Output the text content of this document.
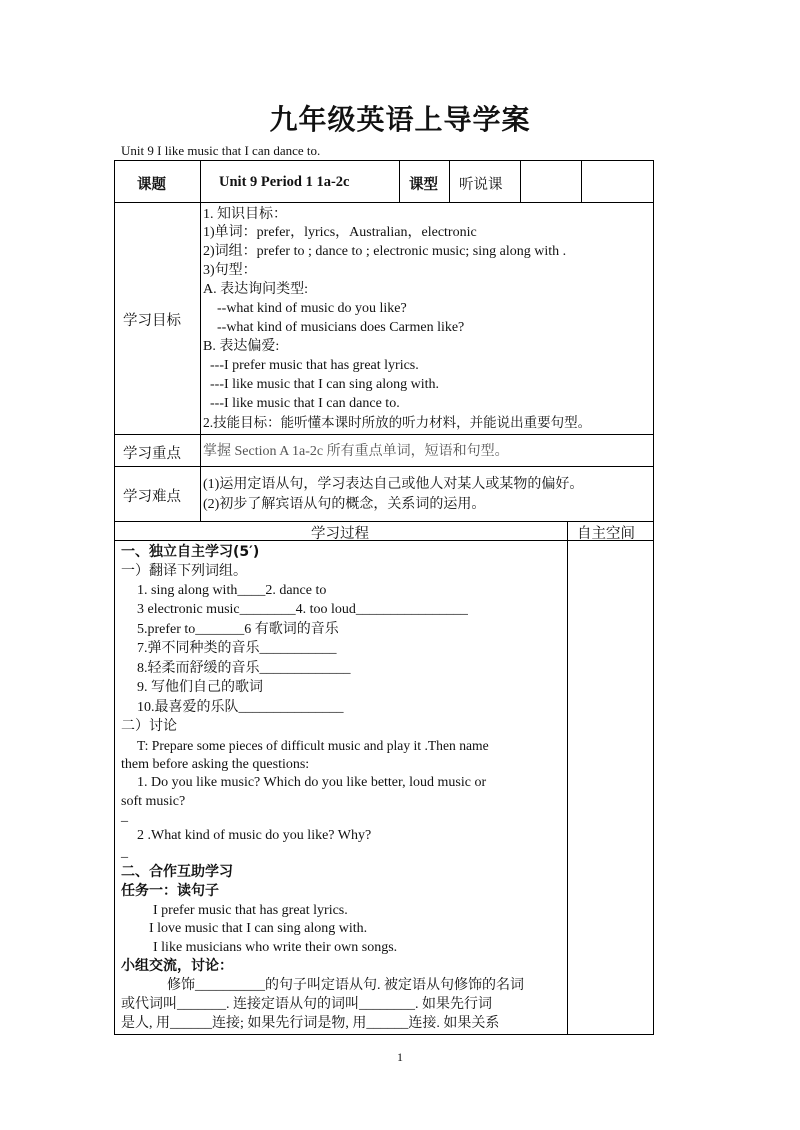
九年级英语上导学案
Unit 9 I like music that I can dance to.
课题	Unit 9 Period 1 1a-2c	课型 听说课
学习目标
1. 知识目标：
1)单词：prefer，lyrics，Australian，electronic
2)词组：prefer to ; dance to ; electronic music; sing along with .
3)句型：
A. 表达询问类型:
--what kind of music do you like?
--what kind of musicians does Carmen like?
B. 表达偏爱:
---I prefer music that has great lyrics.
---I like music that I can sing along with.
---I like music that I can dance to.
2.技能目标：能听懂本课时所放的听力材料，并能说出重要句型。
学习重点 掌握 Section A 1a-2c 所有重点单词，短语和句型。
学习难点
(1)运用定语从句，学习表达自己或他人对某人或某物的偏好。
(2)初步了解宾语从句的概念，关系词的运用。
学习过程	自主空间
一、独立自主学习(5′)
一）翻译下列词组。
1. sing along with____2. dance to
3 electronic music________4. too loud________________
5.prefer to_______6 有歌词的音乐
7.弹不同种类的音乐___________
8.轻柔而舒缓的音乐_____________
9. 写他们自己的歌词
10.最喜爱的乐队_______________
二）讨论
T: Prepare some pieces of difficult music and play it .Then name
them before asking the questions:
1. Do you like music? Which do you like better, loud music or
soft music?
_
2 .What kind of music do you like? Why?
_
二、合作互助学习
任务一：读句子
I prefer music that has great lyrics.
I love music that I can sing along with.
I like musicians who write their own songs.
小组交流，讨论：
修饰__________的句子叫定语从句. 被定语从句修饰的名词
或代词叫_______. 连接定语从句的词叫________. 如果先行词
是人, 用______连接; 如果先行词是物, 用______连接. 如果关系
1
